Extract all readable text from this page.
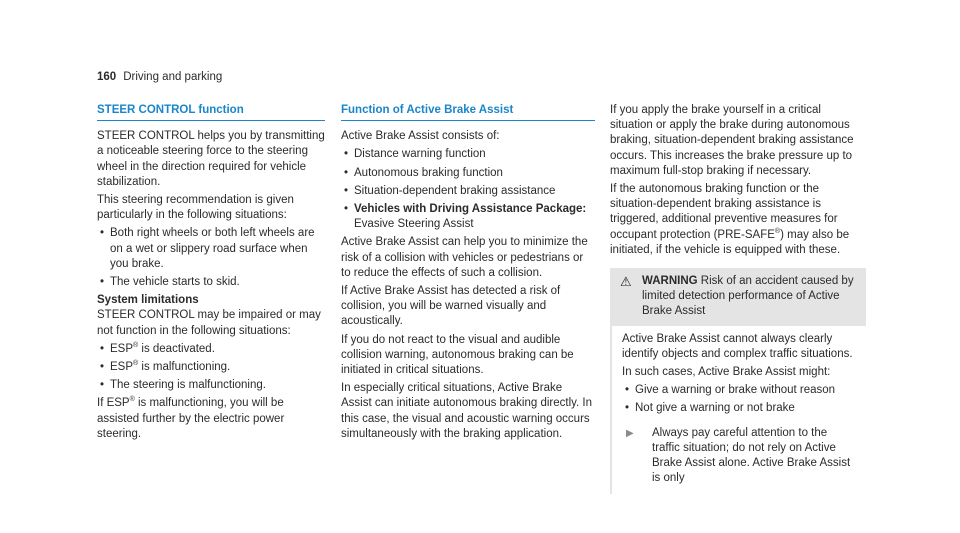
160 Driving and parking
STEER CONTROL function

STEER CONTROL helps you by transmitting a noticeable steering force to the steering wheel in the direction required for vehicle stabilization.

This steering recommendation is given particularly in the following situations:

• Both right wheels or both left wheels are on a wet or slippery road surface when you brake.
• The vehicle starts to skid.
System limitations

STEER CONTROL may be impaired or may not function in the following situations:

• ESP® is deactivated.
• ESP® is malfunctioning.
• The steering is malfunctioning.

If ESP® is malfunctioning, you will be assisted further by the electric power steering.

Function of Active Brake Assist

Active Brake Assist consists of:

• Distance warning function
• Autonomous braking function
• Situation-dependent braking assistance
• Vehicles with Driving Assistance Package: Evasive Steering Assist

Active Brake Assist can help you to minimize the risk of a collision with vehicles or pedestrians or to reduce the effects of such a collision.

If Active Brake Assist has detected a risk of collision, you will be warned visually and acoustically.

If you do not react to the visual and audible collision warning, autonomous braking can be initiated in critical situations.

In especially critical situations, Active Brake Assist can initiate autonomous braking directly. In this case, the visual and acoustic warning occurs simultaneously with the braking application.

If you apply the brake yourself in a critical situation or apply the brake during autonomous braking, situation-dependent braking assistance occurs. This increases the brake pressure up to maximum full-stop braking if necessary.

If the autonomous braking function or the situation-dependent braking assistance is triggered, additional preventive measures for occupant protection (PRE-SAFE®) may also be initiated, if the vehicle is equipped with these.

⚠ WARNING Risk of an accident caused by limited detection performance of Active Brake Assist

Active Brake Assist cannot always clearly identify objects and complex traffic situations.

In such cases, Active Brake Assist might:

• Give a warning or brake without reason
• Not give a warning or not brake
▶	Always pay careful attention to the traffic situation; do not rely on Active Brake Assist alone. Active Brake Assist is only
